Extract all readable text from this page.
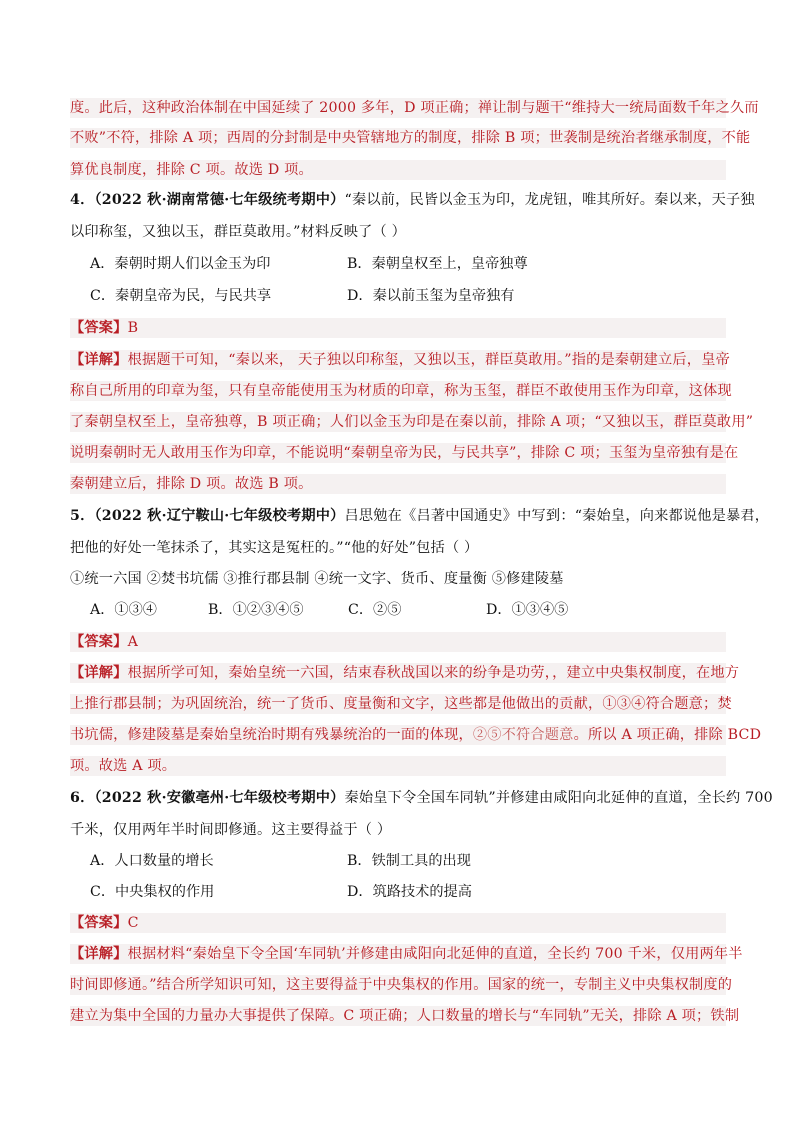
度。此后，这种政治体制在中国延续了 2000 多年，D 项正确；禅让制与题干“维持大一统局面数千年之久而
不败”不符，排除 A 项；西周的分封制是中央管辖地方的制度，排除 B 项；世袭制是统治者继承制度，不能
算优良制度，排除 C 项。故选 D 项。
4．（2022 秋·湖南常德·七年级统考期中）“秦以前，民皆以金玉为印，龙虎钮，唯其所好。秦以来，天子独
以印称玺，又独以玉，群臣莫敢用。”材料反映了（ ）
A．秦朝时期人们以金玉为印	B．秦朝皇权至上，皇帝独尊
C．秦朝皇帝为民，与民共享	D．秦以前玉玺为皇帝独有
【答案】B
【详解】根据题干可知，“秦以来， 天子独以印称玺，又独以玉，群臣莫敢用。”指的是秦朝建立后，皇帝
称自己所用的印章为玺，只有皇帝能使用玉为材质的印章，称为玉玺，群臣不敢使用玉作为印章，这体现
了秦朝皇权至上，皇帝独尊，B 项正确；人们以金玉为印是在秦以前，排除 A 项；“又独以玉，群臣莫敢用”
说明秦朝时无人敢用玉作为印章，不能说明“秦朝皇帝为民，与民共享”，排除 C 项；玉玺为皇帝独有是在
秦朝建立后，排除 D 项。故选 B 项。
5．（2022 秋·辽宁鞍山·七年级校考期中）吕思勉在《吕著中国通史》中写到：“秦始皇，向来都说他是暴君，
把他的好处一笔抹杀了，其实这是冤枉的。”“他的好处”包括（ ）
①统一六国 ②焚书坑儒 ③推行郡县制 ④统一文字、货币、度量衡 ⑤修建陵墓
A．①③④	B．①②③④⑤	C．②⑤	D．①③④⑤
【答案】A
【详解】根据所学可知，秦始皇统一六国，结束春秋战国以来的纷争是功劳，，建立中央集权制度，在地方
上推行郡县制；为巩固统治，统一了货币、度量衡和文字，这些都是他做出的贡献，①③④符合题意；焚
书坑儒，修建陵墓是秦始皇统治时期有残暴统治的一面的体现，②⑤不符合题意。所以 A 项正确，排除 BCD
项。故选 A 项。
6．（2022 秋·安徽亳州·七年级校考期中）秦始皇下令全国车同轨”并修建由咸阳向北延伸的直道，全长约 700
千米，仅用两年半时间即修通。这主要得益于（ ）
A．人口数量的增长	B．铁制工具的出现
C．中央集权的作用	D．筑路技术的提高
【答案】C
【详解】根据材料“秦始皇下令全国‘车同轨’并修建由咸阳向北延伸的直道，全长约 700 千米，仅用两年半
时间即修通。”结合所学知识可知，这主要得益于中央集权的作用。国家的统一，专制主义中央集权制度的
建立为集中全国的力量办大事提供了保障。C 项正确；人口数量的增长与“车同轨”无关，排除 A 项；铁制
